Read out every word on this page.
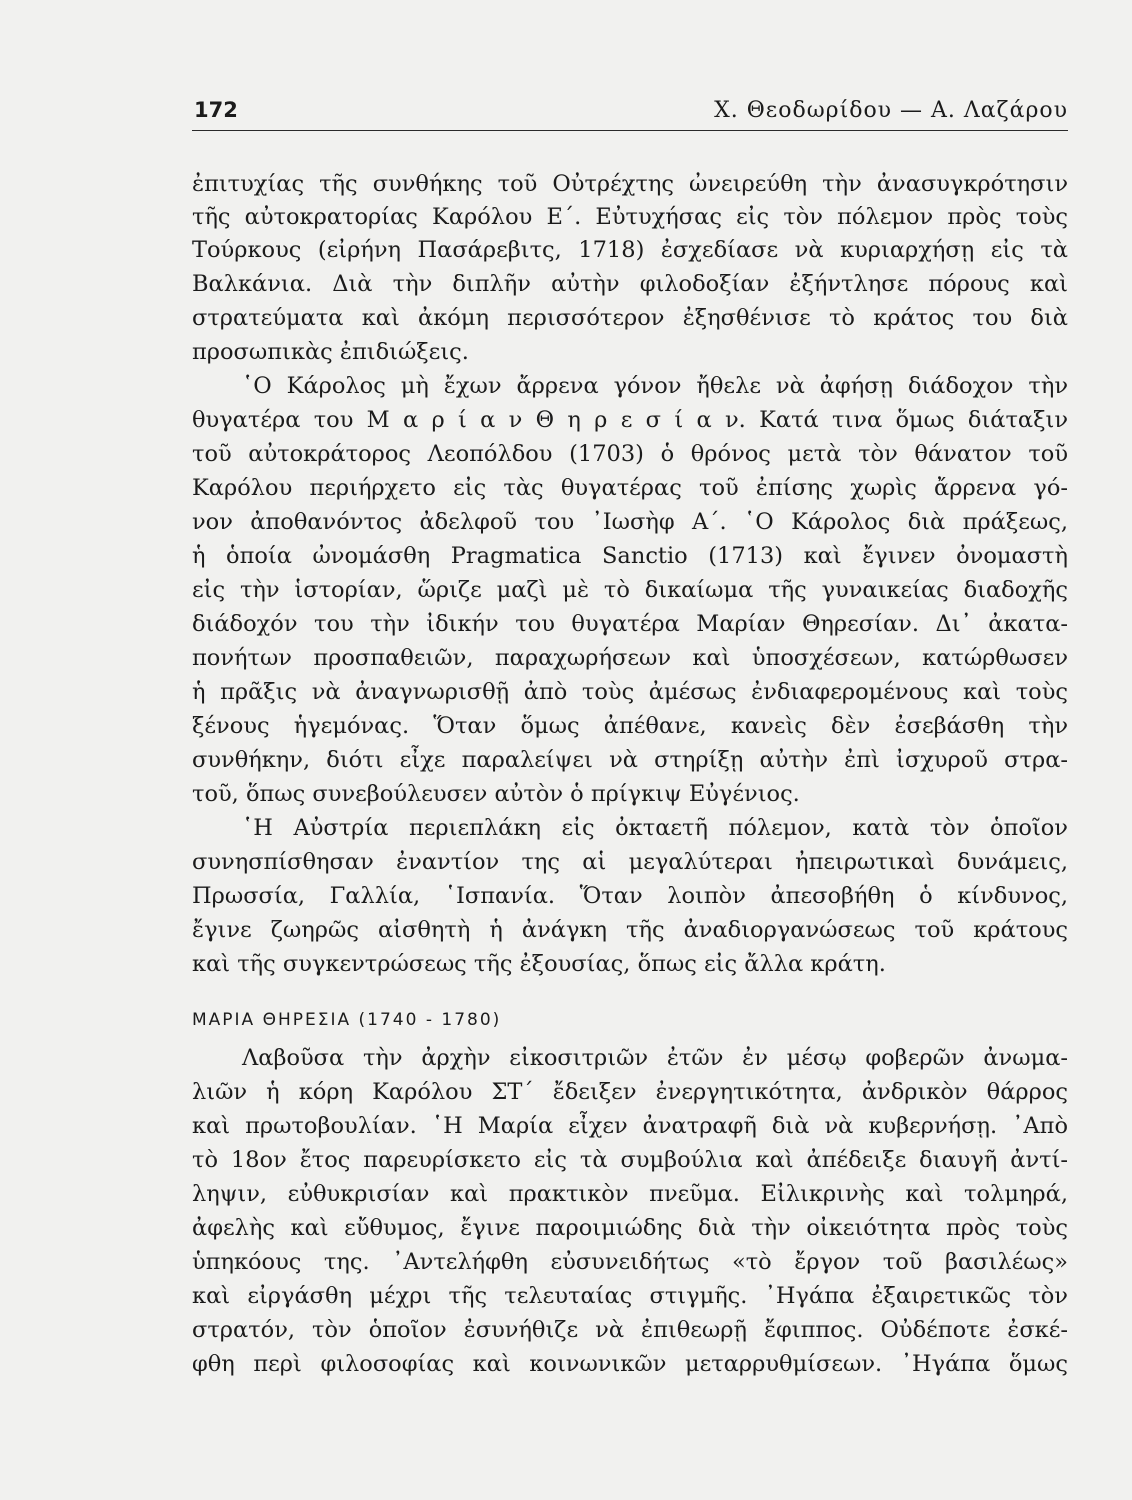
172	Χ. Θεοδωρίδου — Α. Λαζάρου
ἐπιτυχίας τῆς συνθήκης τοῦ Οὐτρέχτης ὠνειρεύθη τὴν ἀνασυγκρότησιν
τῆς αὐτοκρατορίας Καρόλου Ε΄. Εὐτυχήσας εἰς τὸν πόλεμον πρὸς τοὺς
Τούρκους (εἰρήνη Πασάρεβιτς, 1718) ἐσχεδίασε νὰ κυριαρχήσῃ εἰς τὰ
Βαλκάνια. Διὰ τὴν διπλῆν αὐτὴν φιλοδοξίαν ἐξήντλησε πόρους καὶ
στρατεύματα καὶ ἀκόμη περισσότερον ἐξησθένισε τὸ κράτος του διὰ
προσωπικὰς ἐπιδιώξεις.
῾Ο Κάρολος μὴ ἔχων ἄρρενα γόνον ἤθελε νὰ ἀφήσῃ διάδοχον τὴν
θυγατέρα του Μ α ρ ί α ν Θ η ρ ε σ ί α ν. Κατά τινα ὅμως διάταξιν
τοῦ αὐτοκράτορος Λεοπόλδου (1703) ὁ θρόνος μετὰ τὸν θάνατον τοῦ
Καρόλου περιήρχετο εἰς τὰς θυγατέρας τοῦ ἐπίσης χωρὶς ἄρρενα γό-
νον ἀποθανόντος ἀδελφοῦ του ᾿Ιωσὴφ Α΄. ῾Ο Κάρολος διὰ πράξεως,
ἡ ὁποία ὠνομάσθη Pragmatica Sanctio (1713) καὶ ἔγινεν ὀνομαστὴ
εἰς τὴν ἱστορίαν, ὥριζε μαζὶ μὲ τὸ δικαίωμα τῆς γυναικείας διαδοχῆς
διάδοχόν του τὴν ἰδικήν του θυγατέρα Μαρίαν Θηρεσίαν. Δι᾿ ἀκατα-
πονήτων προσπαθειῶν, παραχωρήσεων καὶ ὑποσχέσεων, κατώρθωσεν
ἡ πρᾶξις νὰ ἀναγνωρισθῇ ἀπὸ τοὺς ἀμέσως ἐνδιαφερομένους καὶ τοὺς
ξένους ἡγεμόνας. Ὅταν ὅμως ἀπέθανε, κανεὶς δὲν ἐσεβάσθη τὴν
συνθήκην, διότι εἶχε παραλείψει νὰ στηρίξῃ αὐτὴν ἐπὶ ἰσχυροῦ στρα-
τοῦ, ὅπως συνεβούλευσεν αὐτὸν ὁ πρίγκιψ Εὐγένιος.
῾Η Αὐστρία περιεπλάκη εἰς ὀκταετῆ πόλεμον, κατὰ τὸν ὁποῖον
συνησπίσθησαν ἐναντίον της αἱ μεγαλύτεραι ἠπειρωτικαὶ δυνάμεις,
Πρωσσία, Γαλλία, ῾Ισπανία. Ὅταν λοιπὸν ἀπεσοβήθη ὁ κίνδυνος,
ἔγινε ζωηρῶς αἰσθητὴ ἡ ἀνάγκη τῆς ἀναδιοργανώσεως τοῦ κράτους
καὶ τῆς συγκεντρώσεως τῆς ἐξουσίας, ὅπως εἰς ἄλλα κράτη.
ΜΑΡΙΑ ΘΗΡΕΣΙΑ (1740 - 1780)
Λαβοῦσα τὴν ἀρχὴν εἰκοσιτριῶν ἐτῶν ἐν μέσῳ φοβερῶν ἀνωμα-
λιῶν ἡ κόρη Καρόλου ΣΤ΄ ἔδειξεν ἐνεργητικότητα, ἀνδρικὸν θάρρος
καὶ πρωτοβουλίαν. ῾Η Μαρία εἶχεν ἀνατραφῆ διὰ νὰ κυβερνήσῃ. ᾿Απὸ
τὸ 18ον ἔτος παρευρίσκετο εἰς τὰ συμβούλια καὶ ἀπέδειξε διαυγῆ ἀντί-
ληψιν, εὐθυκρισίαν καὶ πρακτικὸν πνεῦμα. Εἰλικρινὴς καὶ τολμηρά,
ἀφελὴς καὶ εὔθυμος, ἔγινε παροιμιώδης διὰ τὴν οἰκειότητα πρὸς τοὺς
ὑπηκόους της. ᾿Αντελήφθη εὐσυνειδήτως «τὸ ἔργον τοῦ βασιλέως»
καὶ εἰργάσθη μέχρι τῆς τελευταίας στιγμῆς. ᾿Ηγάπα ἐξαιρετικῶς τὸν
στρατόν, τὸν ὁποῖον ἐσυνήθιζε νὰ ἐπιθεωρῇ ἔφιππος. Οὐδέποτε ἐσκέ-
φθη περὶ φιλοσοφίας καὶ κοινωνικῶν μεταρρυθμίσεων. ᾿Ηγάπα ὅμως
